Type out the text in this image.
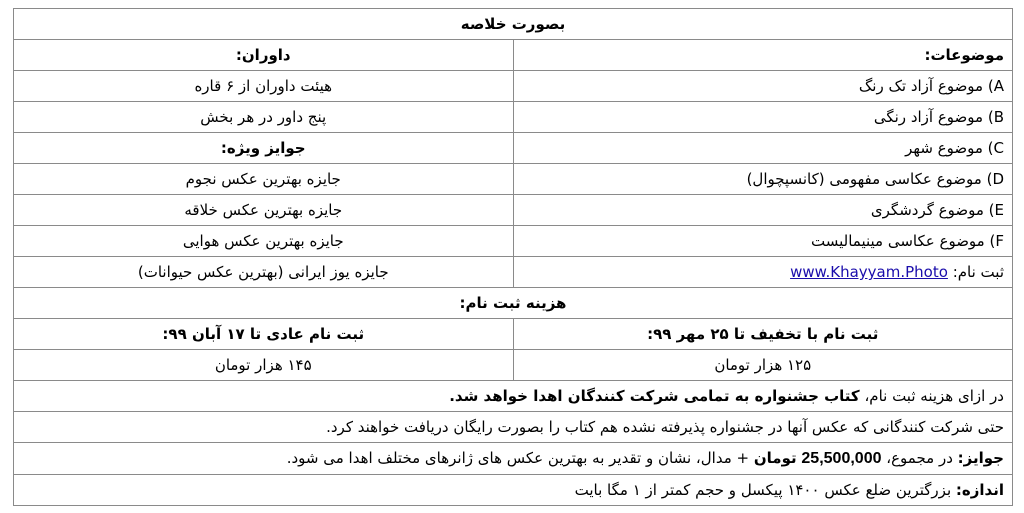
بصورت خلاصه	
موضوعات:	داوران:
A) موضوع آزاد تک رنگ	هیئت داوران از ۶ قاره
B) موضوع آزاد رنگی	پنج داور در هر بخش
C) موضوع شهر	جوایز ویژه:
D) موضوع عکاسی مفهومی (کانسپچوال)	جایزه بهترین عکس نجوم
E) موضوع گردشگری	جایزه بهترین عکس خلاقه
F) موضوع عکاسی مینیمالیست	جایزه بهترین عکس هوایی
ثبت نام: www.Khayyam.Photo	جایزه یوز ایرانی (بهترین عکس حیوانات)
هزینه ثبت نام:	
ثبت نام با تخفیف تا ۲۵ مهر ۹۹:	ثبت نام عادی تا ۱۷ آبان ۹۹:
۱۲۵ هزار تومان	۱۴۵ هزار تومان
در ازای هزینه ثبت نام، کتاب جشنواره به تمامی شرکت کنندگان اهدا خواهد شد.	
حتی شرکت کنندگانی که عکس آنها در جشنواره پذیرفته نشده هم کتاب را بصورت رایگان دریافت خواهند کرد.	
جوایز: در مجموع، 25,500,000 تومان + مدال، نشان و تقدیر به بهترین عکس های ژانرهای مختلف اهدا می شود.	
اندازه: بزرگترین ضلع عکس ۱۴۰۰ پیکسل و حجم کمتر از ۱ مگا بایت	
